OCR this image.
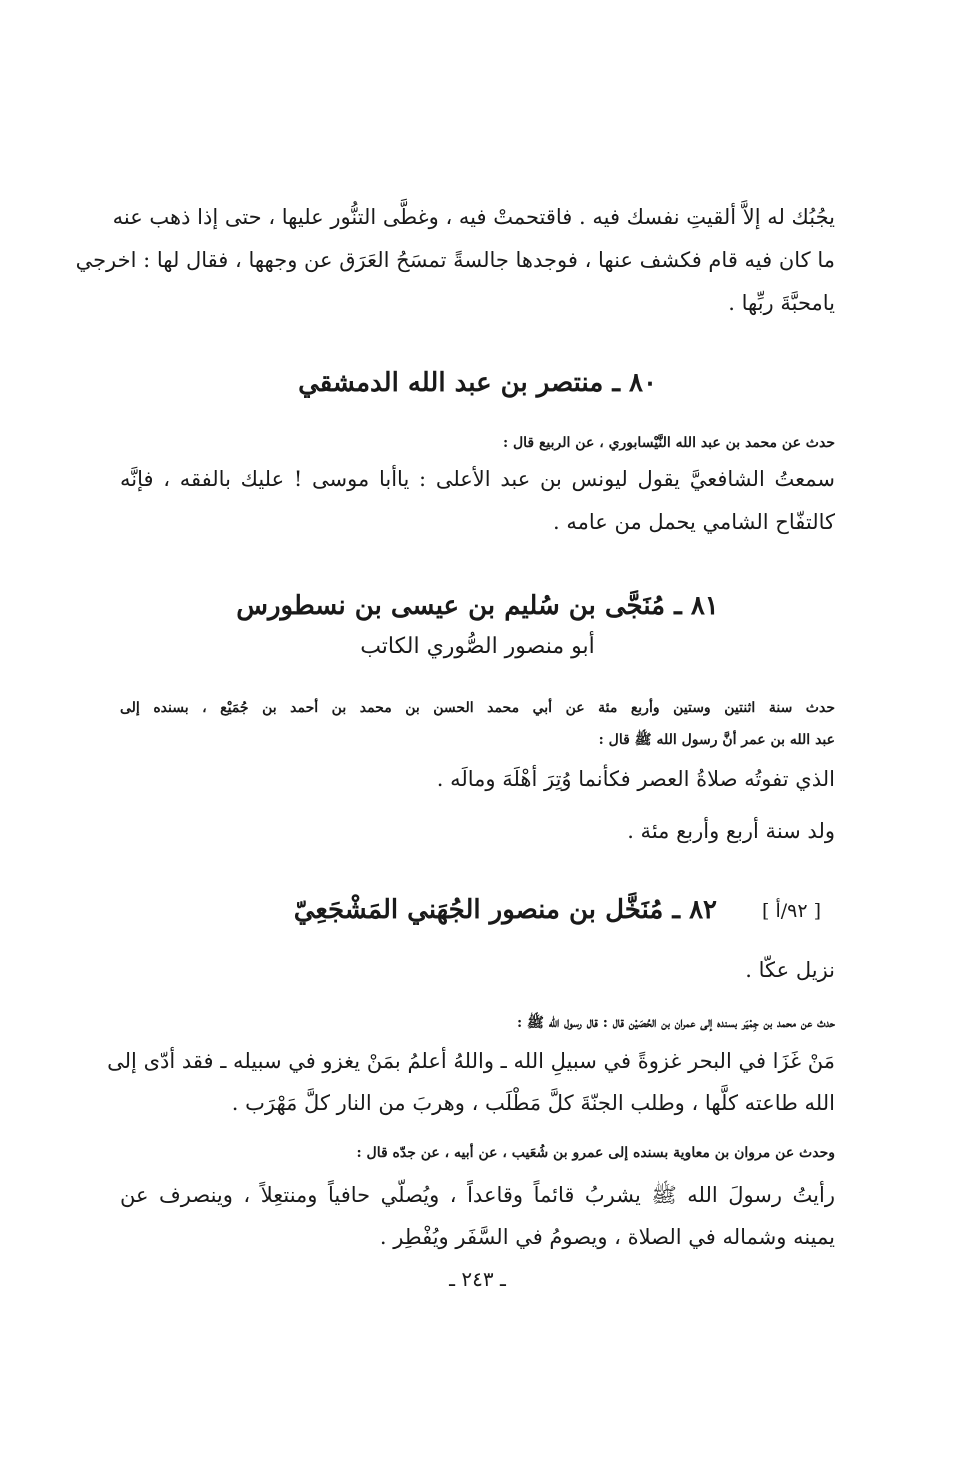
يجُبُك له إلاَّ ألقيتِ نفسك فيه . فاقتحمتْ فيه ، وغطَّى التنُّور عليها ، حتى إذا ذهب عنه
ما كان فيه قام فكشف عنها ، فوجدها جالسةً تمسَحُ العَرَق عن وجهها ، فقال لها : اخرجي
يامحبَّةَ ربِّها .
٨٠ ـ منتصر بن عبد الله الدمشقي
حدث عن محمد بن عبد الله النَّيْسابوري ، عن الربيع قال :
سمعتُ الشافعيَّ يقول ليونس بن عبد الأعلى : ياأبا موسى ! عليك بالفقه ، فإنَّه
كالتفّاح الشامي يحمل من عامه .
٨١ ـ مُنَجَّى بن سُليم بن عيسى بن نسطورس
أبو منصور الصُّوري الكاتب
حدث سنة اثنتين وستين وأربع مئة عن أبي محمد الحسن بن محمد بن أحمد بن جُمَيْع ، بسنده إلى
عبد الله بن عمر أنَّ رسول الله ﷺ قال :
الذي تفوتُه صلاةُ العصر فكأنما وُتِرَ أهْلَهَ ومالَه .
ولد سنة أربع وأربع مئة .
٨٢ ـ مُنَخَّل بن منصور الجُهَني المَشْجَعِيّ [ ٩٢/أ ]
نزيل عكّا .
حدث عن محمد بن جِمْيَر بسنده إلى عمران بن الحُصَيْن قال : قال رسول الله ﷺ :
مَنْ غَزَا في البحر غزوةً في سبيلِ الله ـ واللهُ أعلمُ بمَنْ يغزو في سبيله ـ فقد أدّى إلى
الله طاعته كلَّها ، وطلب الجنّةَ كلَّ مَطْلَب ، وهربَ من النار كلَّ مَهْرَب .
وحدث عن مروان بن معاوية بسنده إلى عمرو بن شُعَيب ، عن أبيه ، عن جدّه قال :
رأيتُ رسولَ الله ﷺ يشربُ قائماً وقاعداً ، ويُصلّي حافياً ومنتعِلاً ، وينصرف عن
يمينه وشماله في الصلاة ، ويصومُ في السَّفَر ويُفْطِر .
ـ ٢٤٣ ـ
